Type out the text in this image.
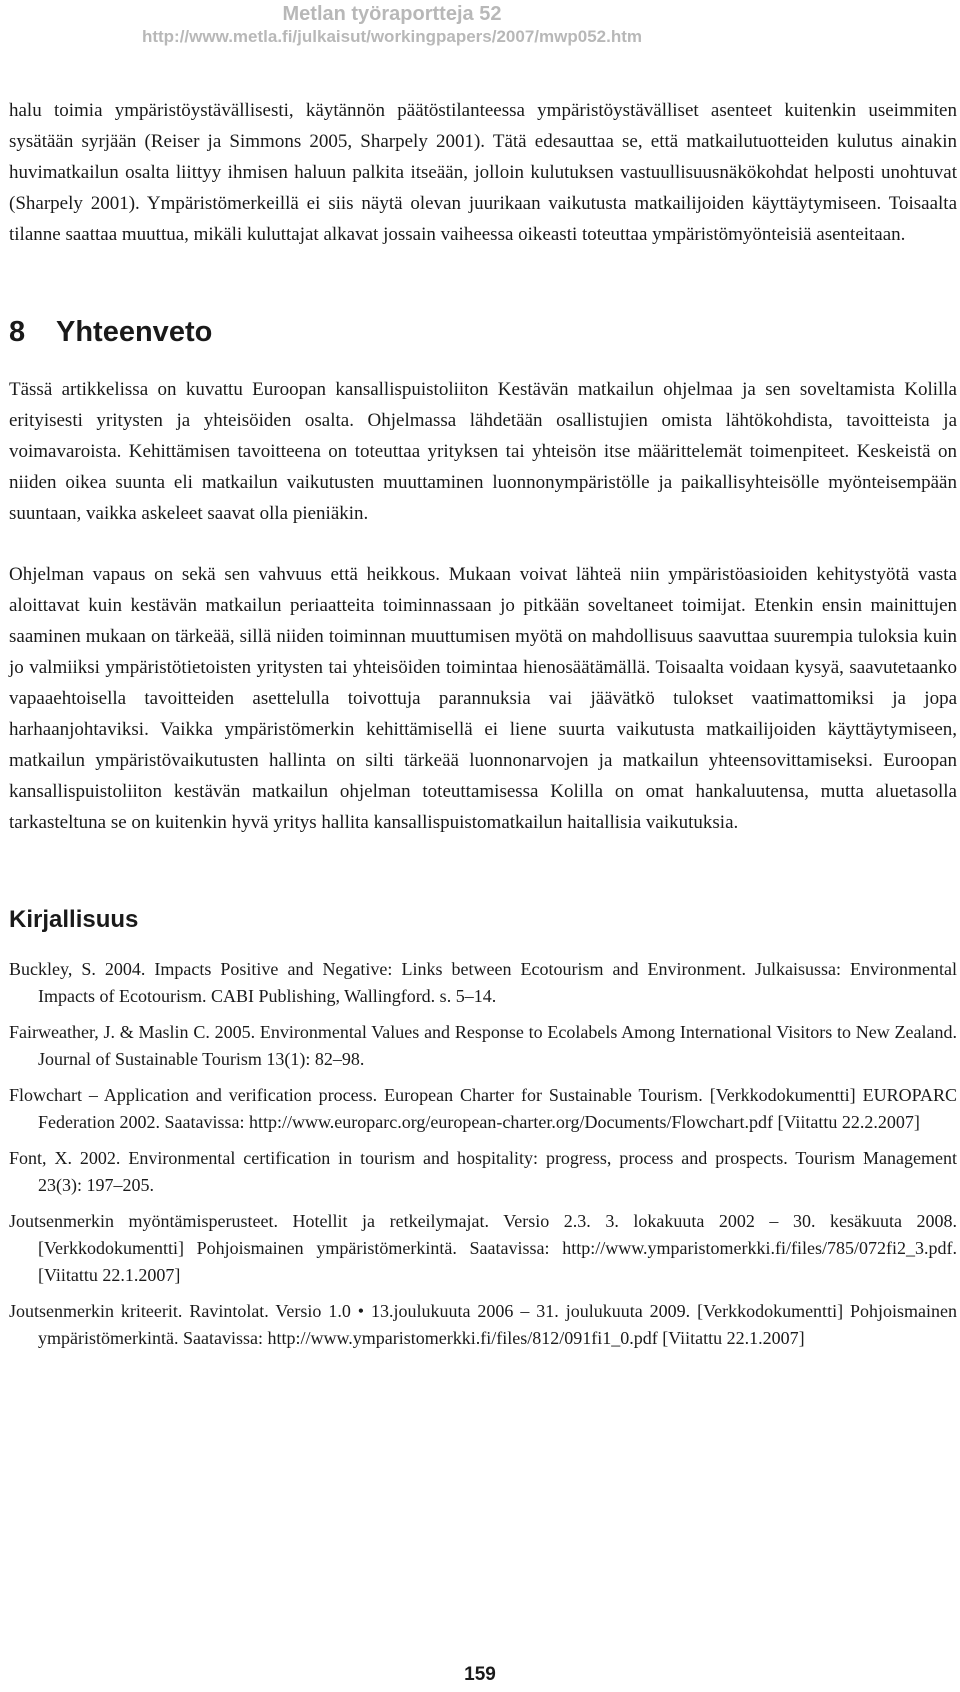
Metlan työraportteja 52
http://www.metla.fi/julkaisut/workingpapers/2007/mwp052.htm

halu toimia ympäristöystävällisesti, käytännön päätöstilanteessa ympäristöystävälliset asenteet kuitenkin useimmiten sysätään syrjään (Reiser ja Simmons 2005, Sharpely 2001). Tätä edesauttaa se, että matkailutuotteiden kulutus ainakin huvimatkailun osalta liittyy ihmisen haluun palkita itseään, jolloin kulutuksen vastuullisuusnäkökohdat helposti unohtuvat (Sharpely 2001). Ympäristömerkeillä ei siis näytä olevan juurikaan vaikutusta matkailijoiden käyttäytymiseen. Toisaalta tilanne saattaa muuttua, mikäli kuluttajat alkavat jossain vaiheessa oikeasti toteuttaa ympäristömyönteisiä asenteitaan.

8 Yhteenveto

Tässä artikkelissa on kuvattu Euroopan kansallispuistoliiton Kestävän matkailun ohjelmaa ja sen soveltamista Kolilla erityisesti yritysten ja yhteisöiden osalta. Ohjelmassa lähdetään osallistujien omista lähtökohdista, tavoitteista ja voimavaroista. Kehittämisen tavoitteena on toteuttaa yrityksen tai yhteisön itse määrittelemät toimenpiteet. Keskeistä on niiden oikea suunta eli matkailun vaikutusten muuttaminen luonnonympäristölle ja paikallisyhteisölle myönteisempään suuntaan, vaikka askeleet saavat olla pieniäkin.

Ohjelman vapaus on sekä sen vahvuus että heikkous. Mukaan voivat lähteä niin ympäristöasioiden kehitystyötä vasta aloittavat kuin kestävän matkailun periaatteita toiminnassaan jo pitkään soveltaneet toimijat. Etenkin ensin mainittujen saaminen mukaan on tärkeää, sillä niiden toiminnan muuttumisen myötä on mahdollisuus saavuttaa suurempia tuloksia kuin jo valmiiksi ympäristötietoisten yritysten tai yhteisöiden toimintaa hienosäätämällä. Toisaalta voidaan kysyä, saavutetaanko vapaaehtoisella tavoitteiden asettelulla toivottuja parannuksia vai jäävätkö tulokset vaatimattomiksi ja jopa harhaanjohtaviksi. Vaikka ympäristömerkin kehittämisellä ei liene suurta vaikutusta matkailijoiden käyttäytymiseen, matkailun ympäristövaikutusten hallinta on silti tärkeää luonnonarvojen ja matkailun yhteensovittamiseksi. Euroopan kansallispuistoliiton kestävän matkailun ohjelman toteuttamisessa Kolilla on omat hankaluutensa, mutta aluetasolla tarkasteltuna se on kuitenkin hyvä yritys hallita kansallispuistomatkailun haitallisia vaikutuksia.

Kirjallisuus

Buckley, S. 2004. Impacts Positive and Negative: Links between Ecotourism and Environment. Julkaisussa: Environmental Impacts of Ecotourism. CABI Publishing, Wallingford. s. 5–14.

Fairweather, J. & Maslin C. 2005. Environmental Values and Response to Ecolabels Among International Visitors to New Zealand. Journal of Sustainable Tourism 13(1): 82–98.

Flowchart – Application and verification process. European Charter for Sustainable Tourism. [Verkkodokumentti] EUROPARC Federation 2002. Saatavissa: http://www.europarc.org/european-charter.org/Documents/Flowchart.pdf [Viitattu 22.2.2007]

Font, X. 2002. Environmental certification in tourism and hospitality: progress, process and prospects. Tourism Management 23(3): 197–205.

Joutsenmerkin myöntämisperusteet. Hotellit ja retkeilymajat. Versio 2.3. 3. lokakuuta 2002 – 30. kesäkuuta 2008. [Verkkodokumentti] Pohjoismainen ympäristömerkintä. Saatavissa: http://www.ymparistomerkki.fi/files/785/072fi2_3.pdf. [Viitattu 22.1.2007]

Joutsenmerkin kriteerit. Ravintolat. Versio 1.0 • 13.joulukuuta 2006 – 31. joulukuuta 2009. [Verkkodokumentti] Pohjoismainen ympäristömerkintä. Saatavissa: http://www.ymparistomerkki.fi/files/812/091fi1_0.pdf [Viitattu 22.1.2007]

159
